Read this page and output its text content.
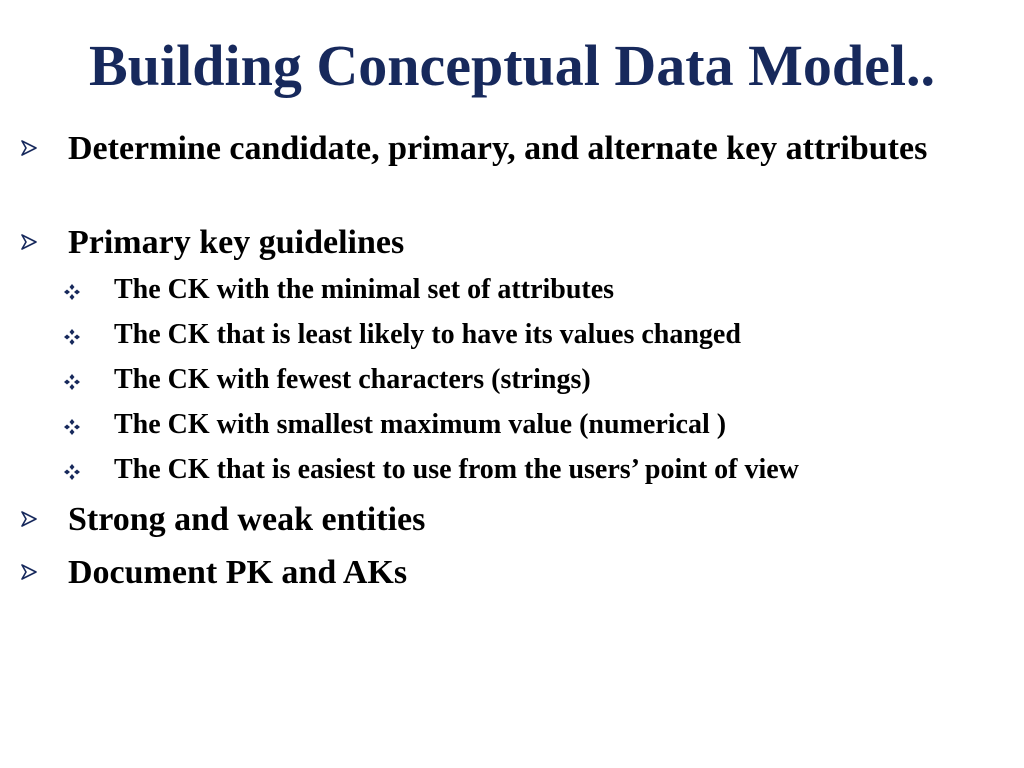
Building Conceptual Data Model..
Determine candidate, primary, and alternate key attributes
Primary key guidelines
The CK with the minimal set of attributes
The CK that is least likely to have its values changed
The CK with fewest characters (strings)
The CK with smallest maximum value (numerical )
The CK that is easiest to use from the users’ point of view
Strong and weak entities
Document PK and AKs
